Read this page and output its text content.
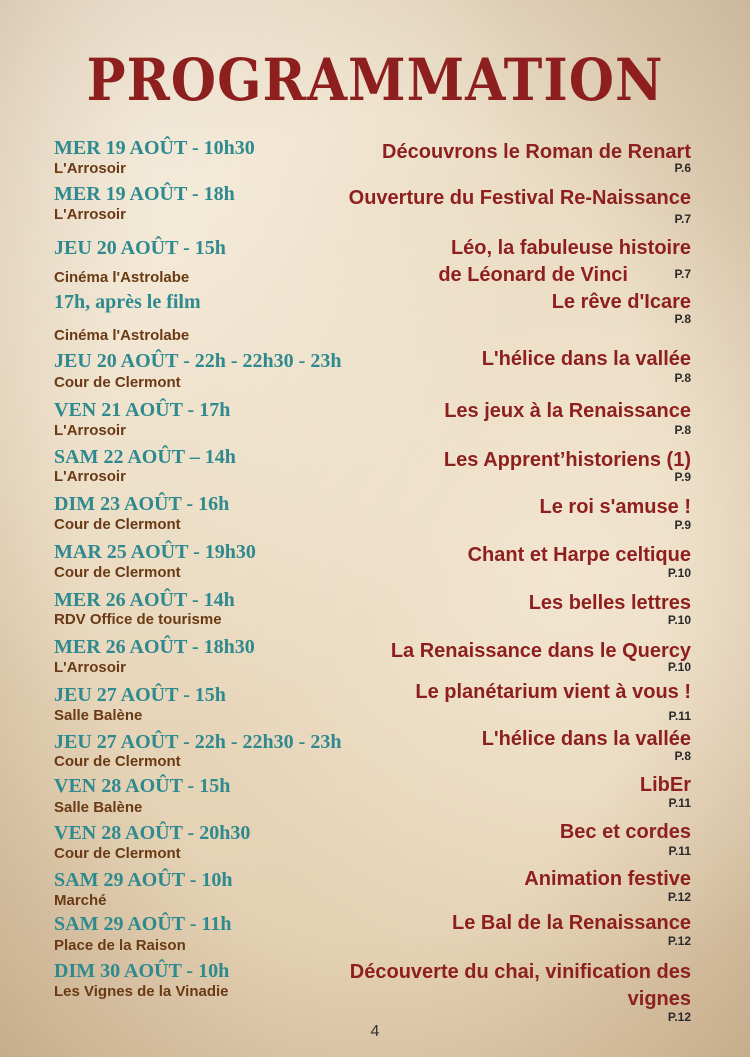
PROGRAMMATION
MER 19 AOÛT - 10h30
L'Arrosoir
Découvrons le Roman de Renart
P.6
MER 19 AOÛT - 18h
L'Arrosoir
Ouverture du Festival Re-Naissance
P.7
JEU 20 AOÛT - 15h
Cinéma l'Astrolabe
Léo, la fabuleuse histoire
de Léonard de Vinci	P.7
17h, après le film
Cinéma l'Astrolabe
Le rêve d'Icare
P.8
JEU 20 AOÛT - 22h - 22h30 - 23h
Cour de Clermont
L'hélice dans la vallée
P.8
VEN 21 AOÛT - 17h
L'Arrosoir
Les jeux à la Renaissance
P.8
SAM 22 AOÛT – 14h
L'Arrosoir
Les Apprent’historiens (1)
P.9
DIM 23 AOÛT - 16h
Cour de Clermont
Le roi s'amuse !
P.9
MAR 25 AOÛT - 19h30
Cour de Clermont
Chant et Harpe celtique
P.10
MER 26 AOÛT - 14h
RDV Office de tourisme
Les belles lettres
P.10
MER 26 AOÛT - 18h30
L'Arrosoir
La Renaissance dans le Quercy
P.10
JEU 27 AOÛT - 15h
Salle Balène
Le planétarium vient à vous !
P.11
JEU 27 AOÛT - 22h - 22h30 - 23h
Cour de Clermont
L'hélice dans la vallée
P.8
VEN 28 AOÛT - 15h
Salle Balène
LibEr
P.11
VEN 28 AOÛT - 20h30
Cour de Clermont
Bec et cordes
P.11
SAM 29 AOÛT - 10h
Marché
Animation festive
P.12
SAM 29 AOÛT - 11h
Place de la Raison
Le Bal de la Renaissance
P.12
DIM 30 AOÛT - 10h
Les Vignes de la Vinadie
Découverte du chai, vinification des
vignes
P.12
4
